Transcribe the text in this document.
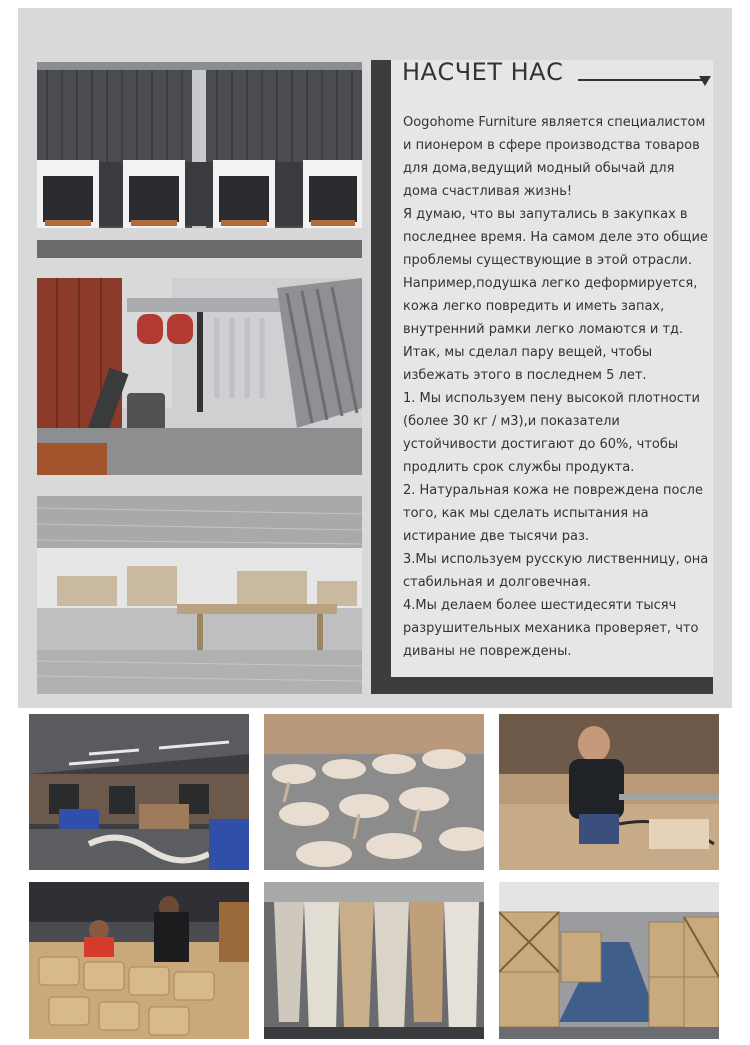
НАСЧЕТ НАС

Oogohome Furniture является специалистом и пионером в сфере производства товаров для дома,ведущий модный обычай для дома счастливая жизнь!

Я думаю, что вы запутались в закупках в последнее время. На самом деле это общие проблемы существующие в этой отрасли.

Например,подушка легко деформируется, кожа легко повредить и иметь запах, внутренний рамки легко ломаются и тд. Итак, мы сделал пару вещей, чтобы избежать этого в последнем 5 лет.

1. Мы используем пену высокой плотности (более 30 кг / м3),и показатели устойчивости достигают до 60%, чтобы продлить срок службы продукта.

2. Натуральная кожа не повреждена после того, как мы сделать испытания на истирание две тысячи раз.

3.Мы используем русскую лиственницу, она стабильная и долговечная.

4.Мы делаем более шестидесяти тысяч разрушительных механика проверяет, что диваны не повреждены.
